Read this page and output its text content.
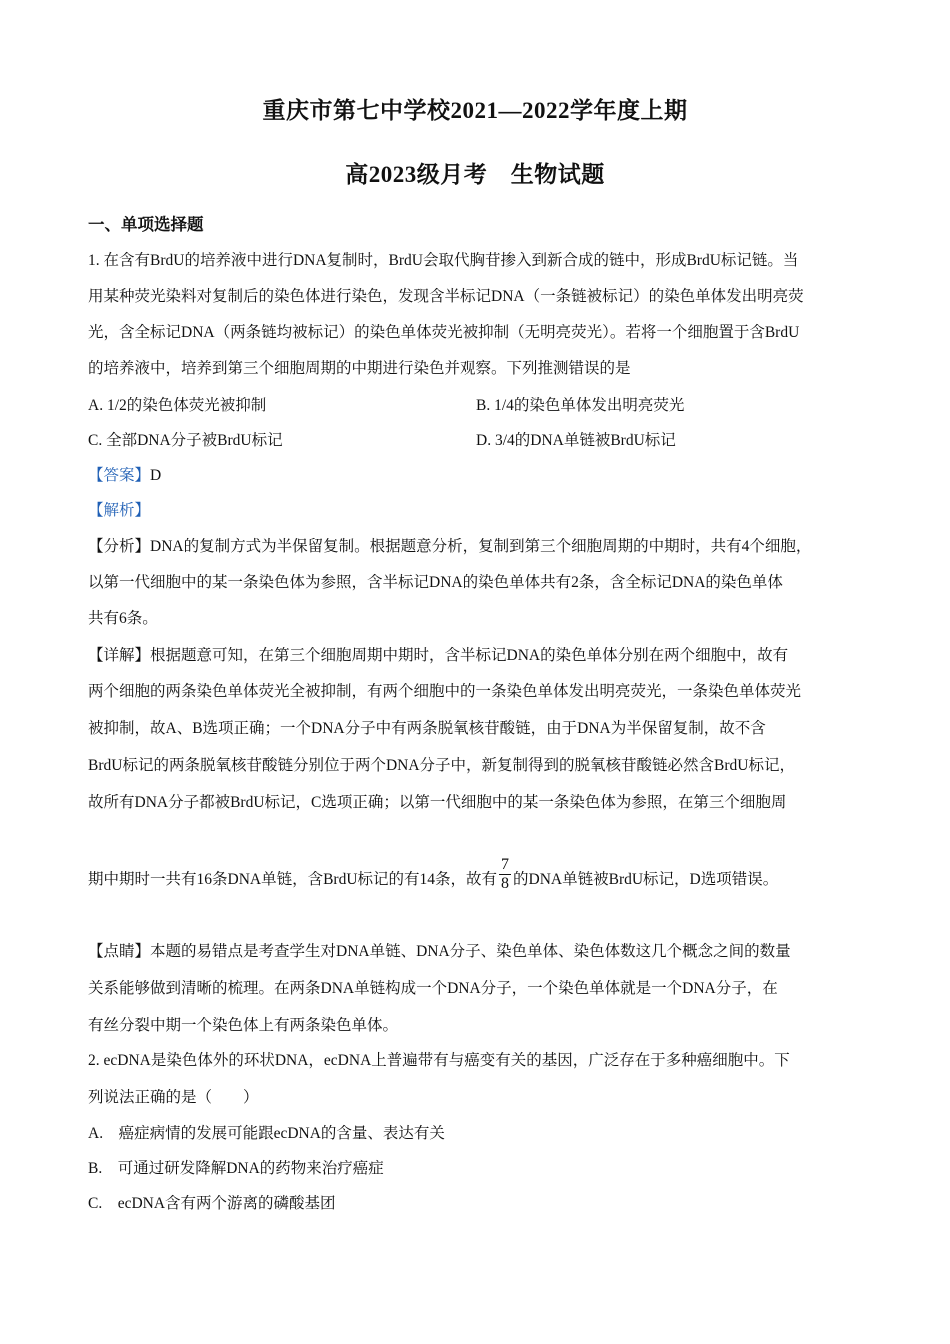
重庆市第七中学校2021—2022学年度上期
高2023级月考　生物试题
一、单项选择题
1. 在含有BrdU的培养液中进行DNA复制时，BrdU会取代胸苷掺入到新合成的链中，形成BrdU标记链。当
用某种荧光染料对复制后的染色体进行染色，发现含半标记DNA（一条链被标记）的染色单体发出明亮荧
光，含全标记DNA（两条链均被标记）的染色单体荧光被抑制（无明亮荧光）。若将一个细胞置于含BrdU
的培养液中，培养到第三个细胞周期的中期进行染色并观察。下列推测错误的是
A. 1/2的染色体荧光被抑制	B. 1/4的染色单体发出明亮荧光
C. 全部DNA分子被BrdU标记	D. 3/4的DNA单链被BrdU标记
【答案】D
【解析】
【分析】DNA的复制方式为半保留复制。根据题意分析，复制到第三个细胞周期的中期时，共有4个细胞，
以第一代细胞中的某一条染色体为参照，含半标记DNA的染色单体共有2条，含全标记DNA的染色单体
共有6条。
【详解】根据题意可知，在第三个细胞周期中期时，含半标记DNA的染色单体分别在两个细胞中，故有
两个细胞的两条染色单体荧光全被抑制，有两个细胞中的一条染色单体发出明亮荧光，一条染色单体荧光
被抑制，故A、B选项正确；一个DNA分子中有两条脱氧核苷酸链，由于DNA为半保留复制，故不含
BrdU标记的两条脱氧核苷酸链分别位于两个DNA分子中，新复制得到的脱氧核苷酸链必然含BrdU标记，
故所有DNA分子都被BrdU标记，C选项正确；以第一代细胞中的某一条染色体为参照，在第三个细胞周
期中期时一共有16条DNA单链，含BrdU标记的有14条，故有 $\frac{7}{8}$ 的DNA单链被BrdU标记，D选项错误。
【点睛】本题的易错点是考查学生对DNA单链、DNA分子、染色单体、染色体数这几个概念之间的数量
关系能够做到清晰的梳理。在两条DNA单链构成一个DNA分子，一个染色单体就是一个DNA分子，在
有丝分裂中期一个染色体上有两条染色单体。
2. ecDNA是染色体外的环状DNA，ecDNA上普遍带有与癌变有关的基因，广泛存在于多种癌细胞中。下
列说法正确的是（　　）
A.　癌症病情的发展可能跟ecDNA的含量、表达有关
B.　可通过研发降解DNA的药物来治疗癌症
C.　ecDNA含有两个游离的磷酸基团
